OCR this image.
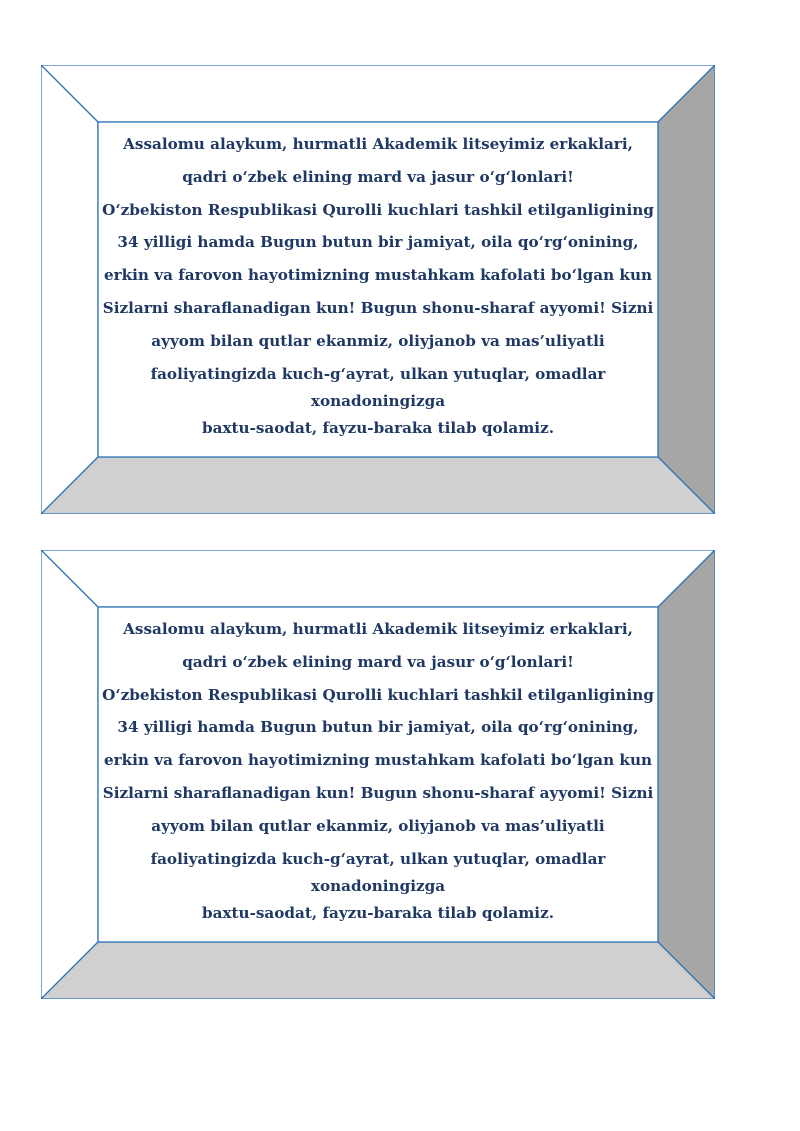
Assalomu alaykum, hurmatli Akademik litseyimiz erkaklari,
qadri o‘zbek elining mard va jasur o‘g‘lonlari!
O‘zbekiston Respublikasi Qurolli kuchlari tashkil etilganligining
34 yilligi hamda Bugun butun bir jamiyat, oila qo‘rg‘onining,
erkin va farovon hayotimizning mustahkam kafolati bo‘lgan kun
Sizlarni sharaflanadigan kun! Bugun shonu-sharaf ayyomi! Sizni
ayyom bilan qutlar ekanmiz, oliyjanob va mas’uliyatli
faoliyatingizda kuch-g‘ayrat, ulkan yutuqlar, omadlar
xonadoningizga
baxtu-saodat, fayzu-baraka tilab qolamiz.
Assalomu alaykum, hurmatli Akademik litseyimiz erkaklari,
qadri o‘zbek elining mard va jasur o‘g‘lonlari!
O‘zbekiston Respublikasi Qurolli kuchlari tashkil etilganligining
34 yilligi hamda Bugun butun bir jamiyat, oila qo‘rg‘onining,
erkin va farovon hayotimizning mustahkam kafolati bo‘lgan kun
Sizlarni sharaflanadigan kun! Bugun shonu-sharaf ayyomi! Sizni
ayyom bilan qutlar ekanmiz, oliyjanob va mas’uliyatli
faoliyatingizda kuch-g‘ayrat, ulkan yutuqlar, omadlar
xonadoningizga
baxtu-saodat, fayzu-baraka tilab qolamiz.
